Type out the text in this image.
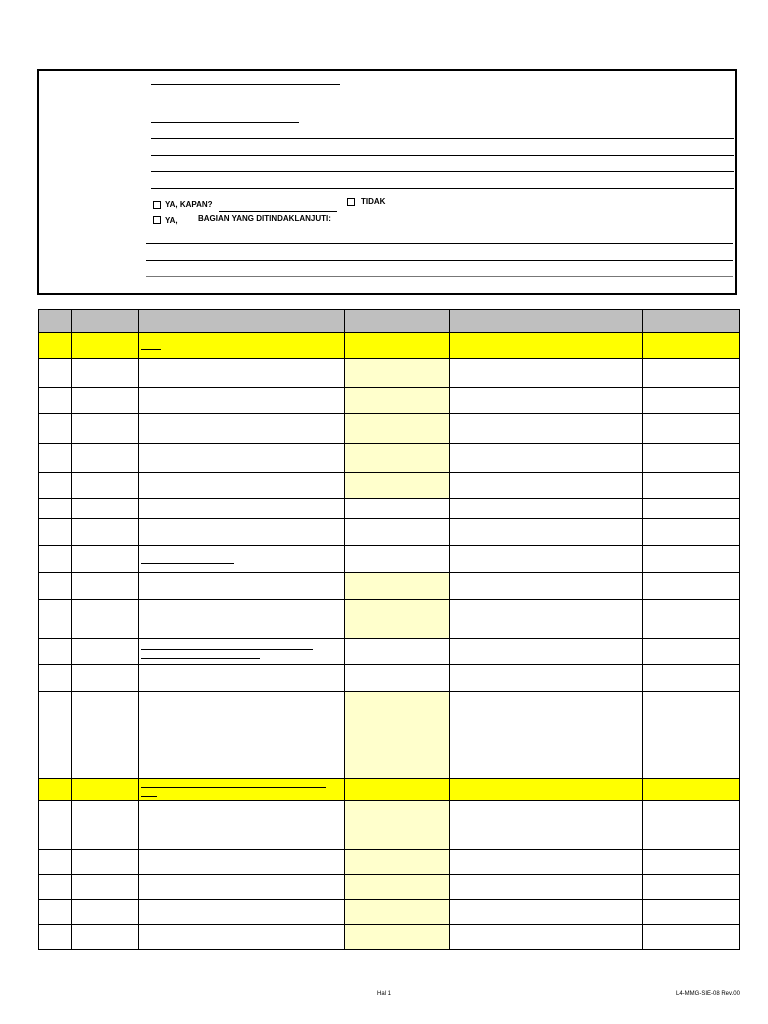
YA, KAPAN?	TIDAK
YA,	BAGIAN YANG DITINDAKLANJUTI:

Hal 1	L4-MMG-SIE-08 Rev.00
